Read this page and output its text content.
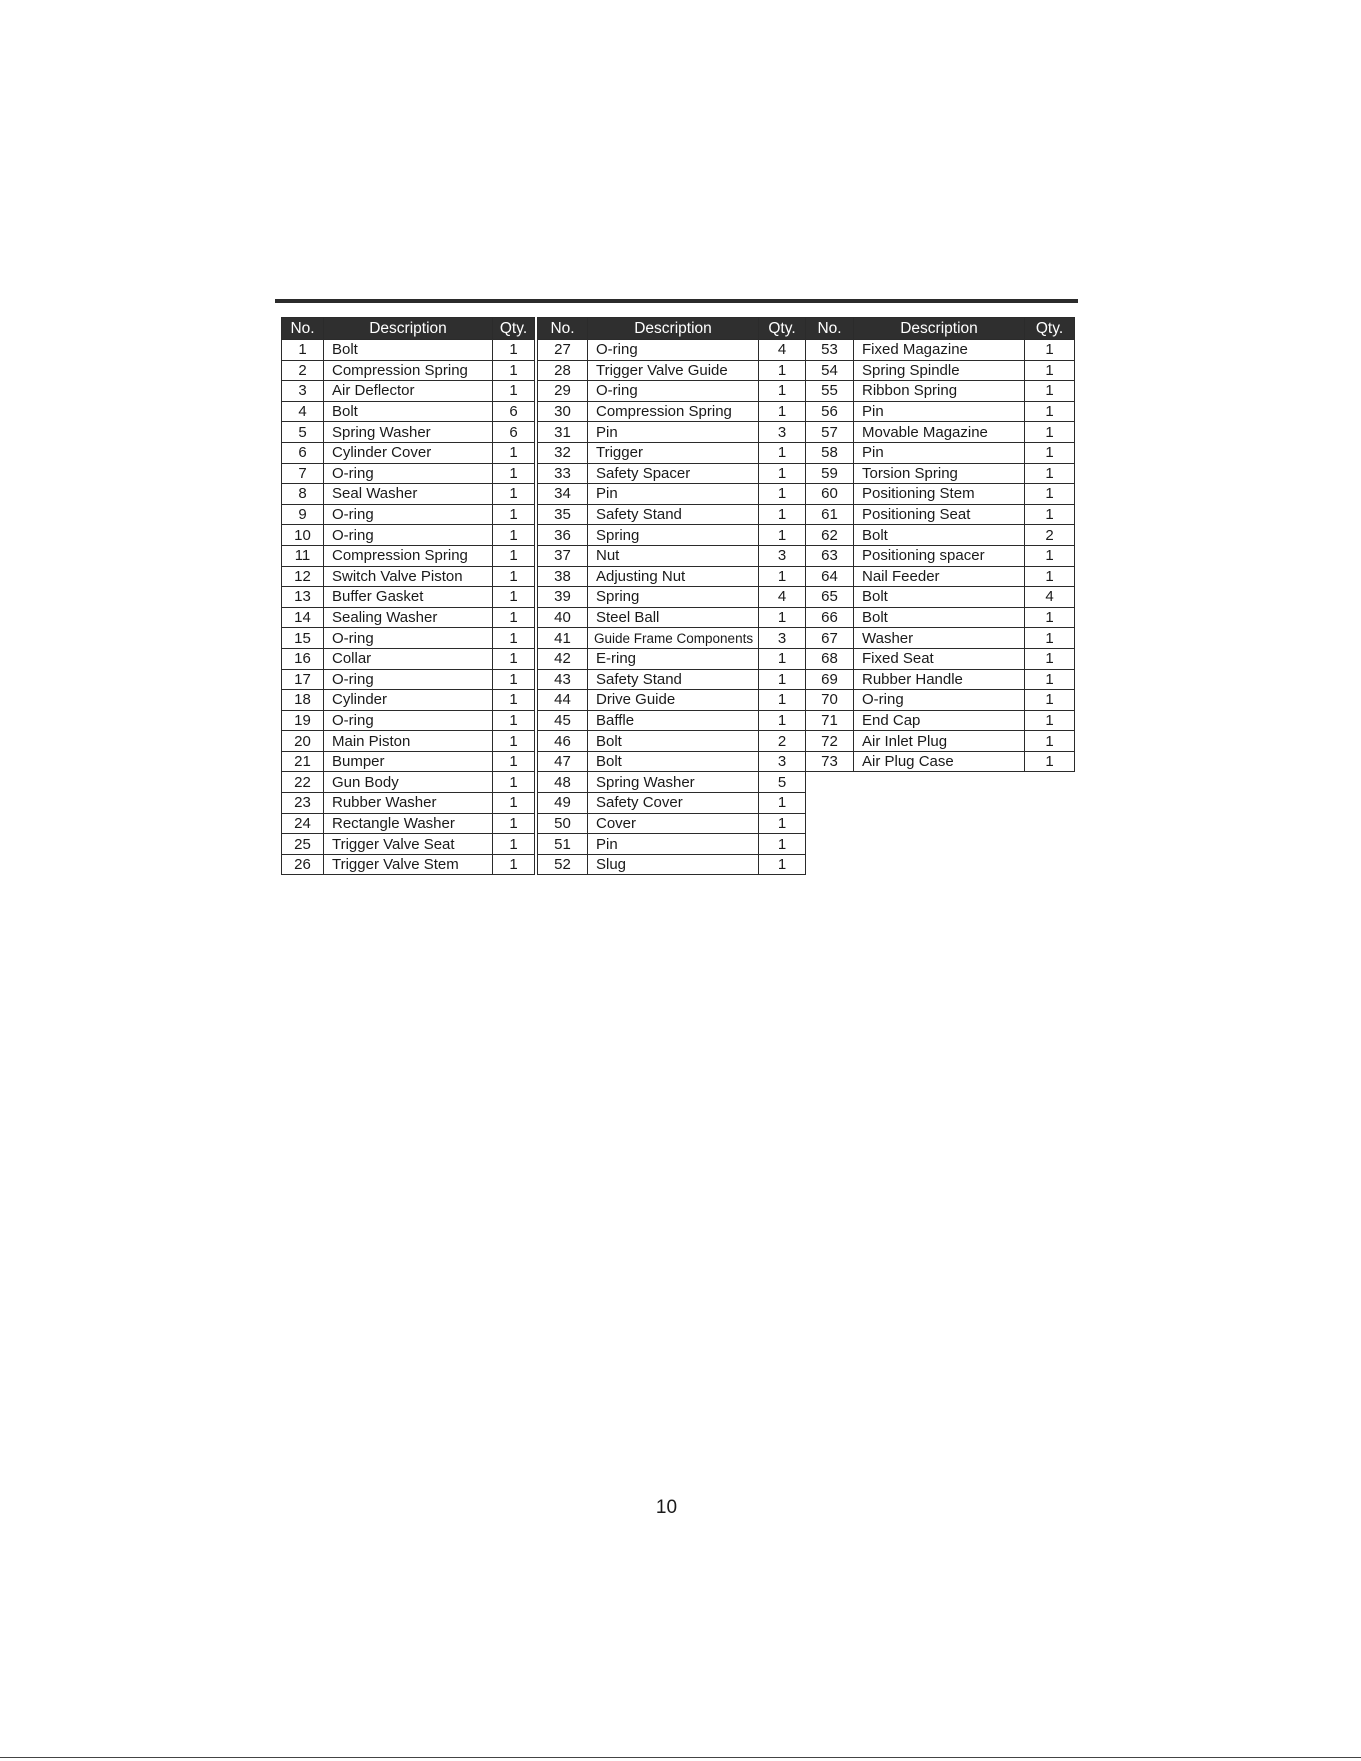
No.	Description	Qty.
1	Bolt	1
2	Compression Spring	1
3	Air Deflector	1
4	Bolt	6
5	Spring Washer	6
6	Cylinder Cover	1
7	O-ring	1
8	Seal Washer	1
9	O-ring	1
10	O-ring	1
11	Compression Spring	1
12	Switch Valve Piston	1
13	Buffer Gasket	1
14	Sealing Washer	1
15	O-ring	1
16	Collar	1
17	O-ring	1
18	Cylinder	1
19	O-ring	1
20	Main Piston	1
21	Bumper	1
22	Gun Body	1
23	Rubber Washer	1
24	Rectangle Washer	1
25	Trigger Valve Seat	1
26	Trigger Valve Stem	1
No.	Description	Qty.
27	O-ring	4
28	Trigger Valve Guide	1
29	O-ring	1
30	Compression Spring	1
31	Pin	3
32	Trigger	1
33	Safety Spacer	1
34	Pin	1
35	Safety Stand	1
36	Spring	1
37	Nut	3
38	Adjusting Nut	1
39	Spring	4
40	Steel Ball	1
41	Guide Frame Components	3
42	E-ring	1
43	Safety Stand	1
44	Drive Guide	1
45	Baffle	1
46	Bolt	2
47	Bolt	3
48	Spring Washer	5
49	Safety Cover	1
50	Cover	1
51	Pin	1
52	Slug	1
No.	Description	Qty.
53	Fixed Magazine	1
54	Spring Spindle	1
55	Ribbon Spring	1
56	Pin	1
57	Movable Magazine	1
58	Pin	1
59	Torsion Spring	1
60	Positioning Stem	1
61	Positioning Seat	1
62	Bolt	2
63	Positioning spacer	1
64	Nail Feeder	1
65	Bolt	4
66	Bolt	1
67	Washer	1
68	Fixed Seat	1
69	Rubber Handle	1
70	O-ring	1
71	End Cap	1
72	Air Inlet Plug	1
73	Air Plug Case	1
10
